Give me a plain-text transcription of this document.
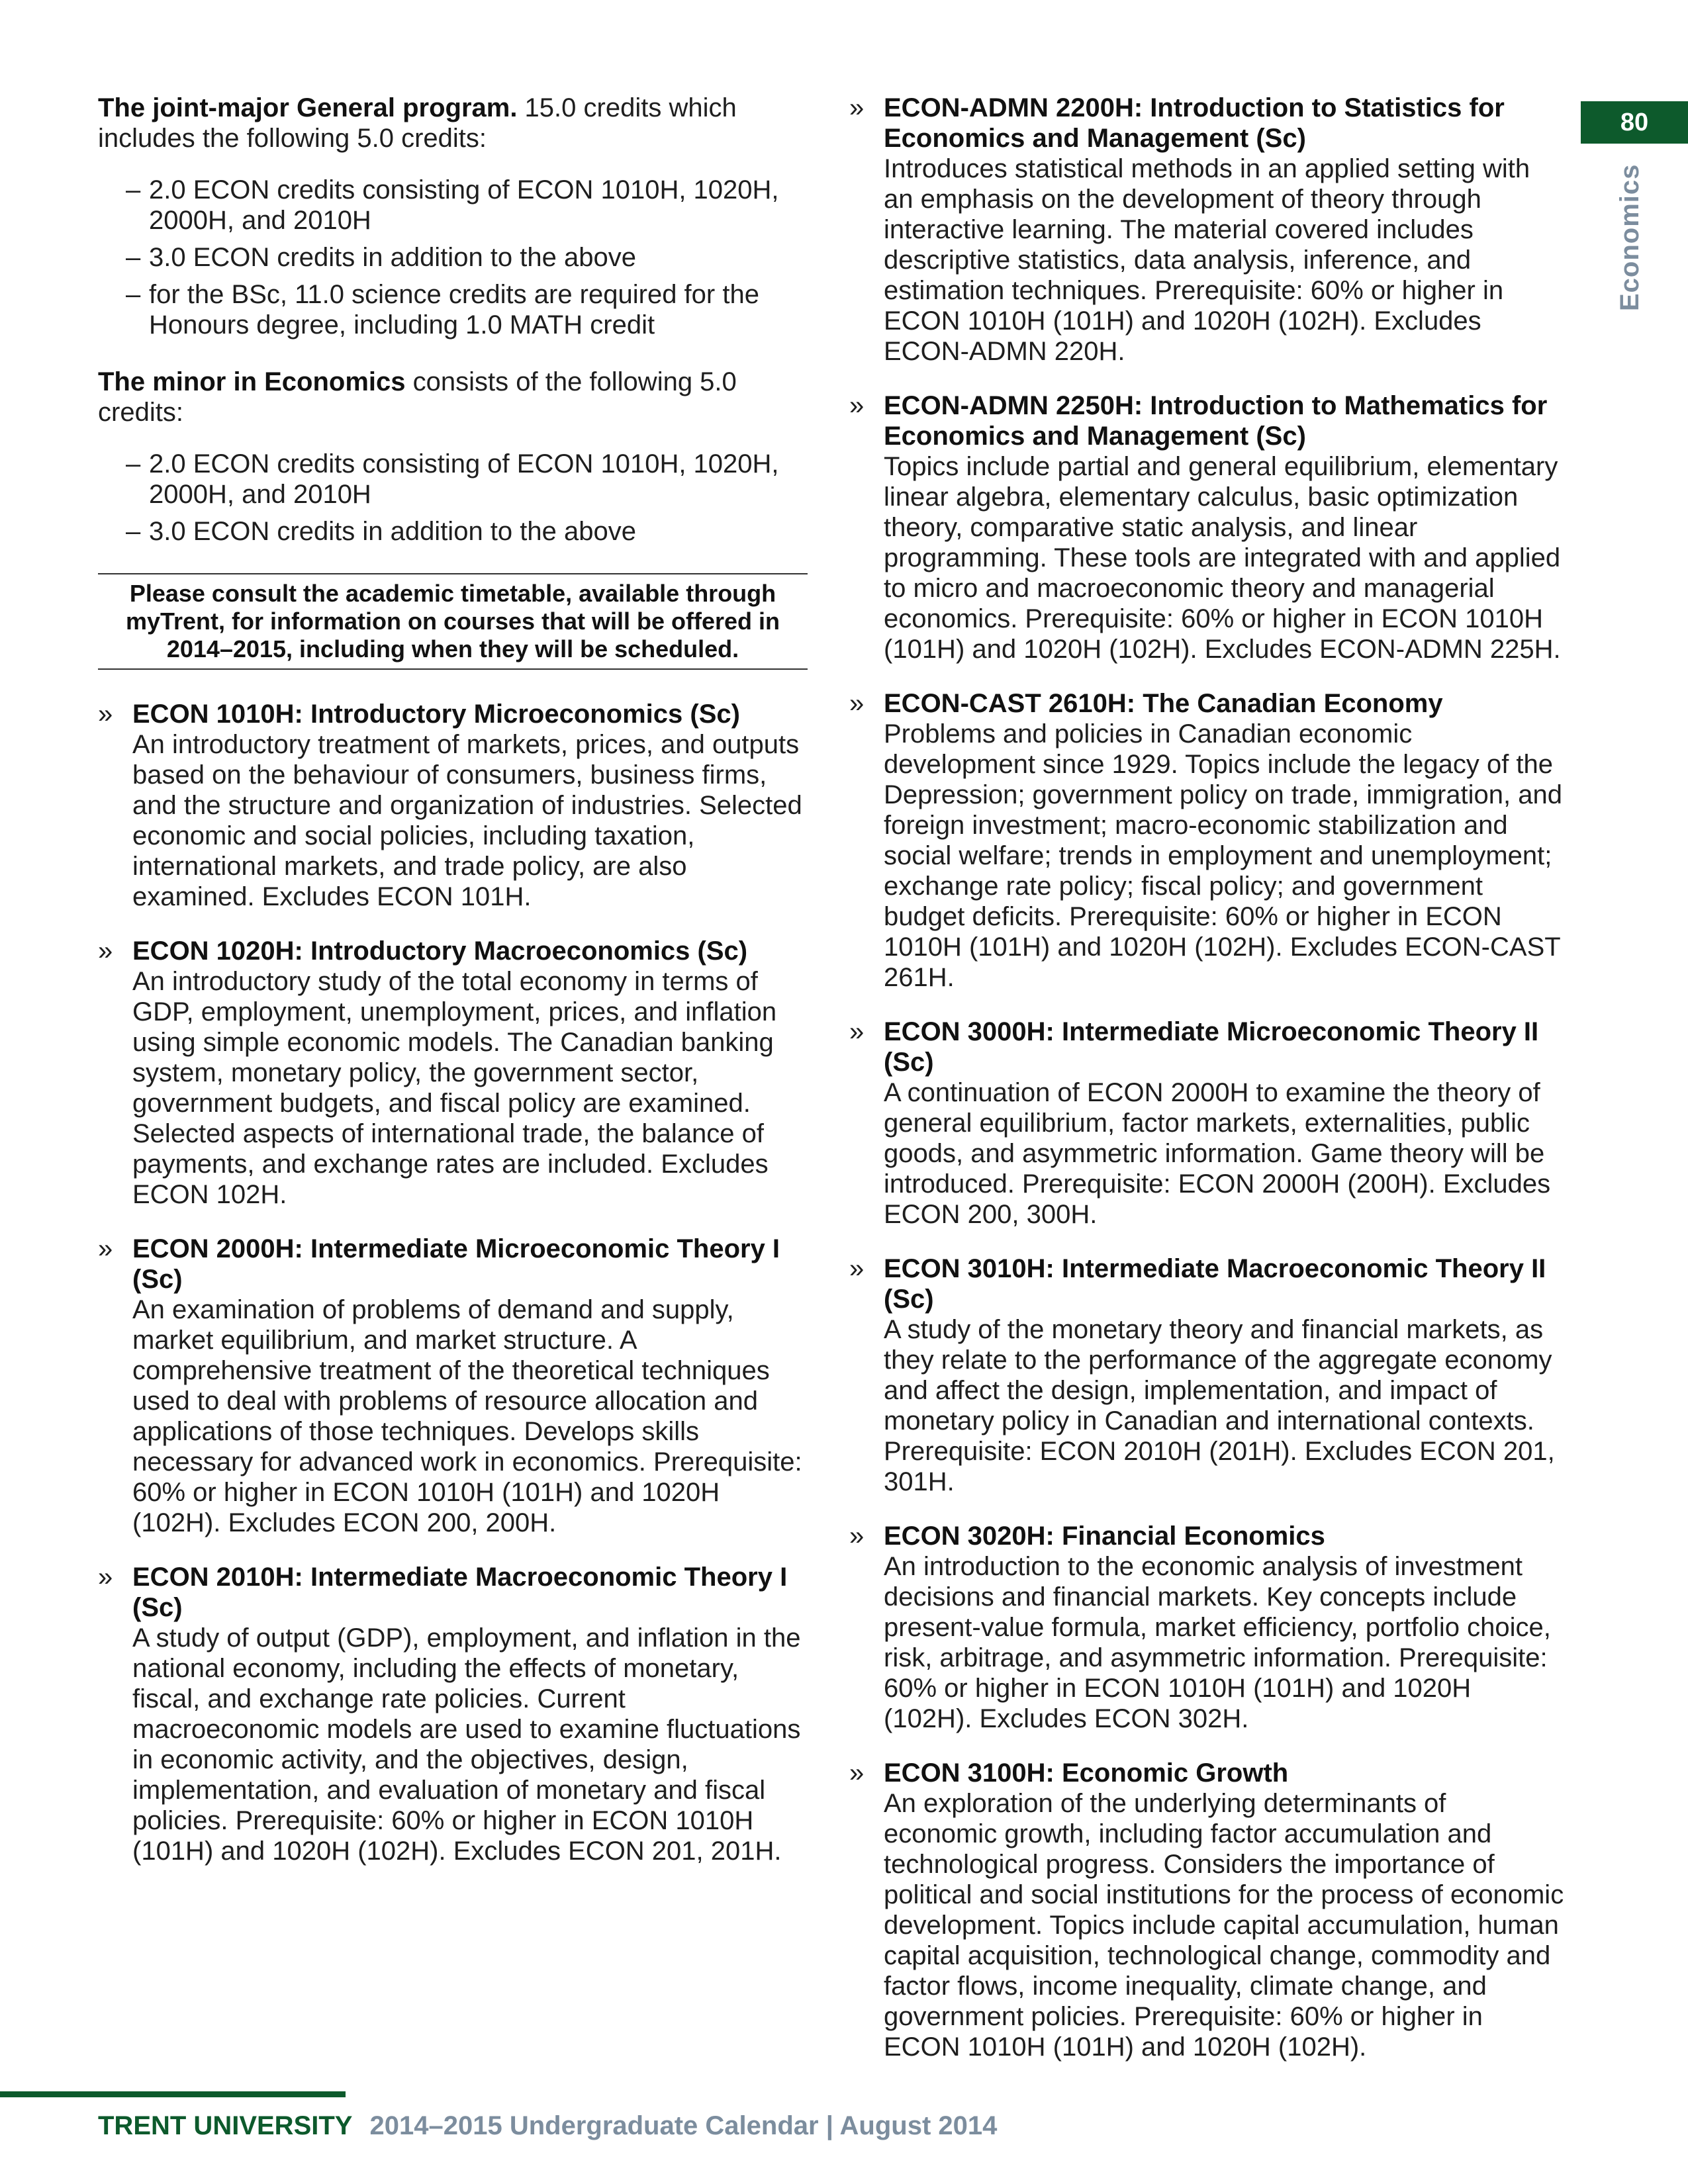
80
Economics

The joint-major General program. 15.0 credits which includes the following 5.0 credits:

– 2.0 ECON credits consisting of ECON 1010H, 1020H, 2000H, and 2010H
– 3.0 ECON credits in addition to the above
– for the BSc, 11.0 science credits are required for the Honours degree, including 1.0 MATH credit

The minor in Economics consists of the following 5.0 credits:

– 2.0 ECON credits consisting of ECON 1010H, 1020H, 2000H, and 2010H
– 3.0 ECON credits in addition to the above
Please consult the academic timetable, available through myTrent, for information on courses that will be offered in 2014–2015, including when they will be scheduled.
» ECON 1010H: Introductory Microeconomics (Sc)
An introductory treatment of markets, prices, and outputs based on the behaviour of consumers, business firms, and the structure and organization of industries. Selected economic and social policies, including taxation, international markets, and trade policy, are also examined. Excludes ECON 101H.
» ECON 1020H: Introductory Macroeconomics (Sc)
An introductory study of the total economy in terms of GDP, employment, unemployment, prices, and inflation using simple economic models. The Canadian banking system, monetary policy, the government sector, government budgets, and fiscal policy are examined. Selected aspects of international trade, the balance of payments, and exchange rates are included. Excludes ECON 102H.
» ECON 2000H: Intermediate Microeconomic Theory I (Sc)
An examination of problems of demand and supply, market equilibrium, and market structure. A comprehensive treatment of the theoretical techniques used to deal with problems of resource allocation and applications of those techniques. Develops skills necessary for advanced work in economics. Prerequisite: 60% or higher in ECON 1010H (101H) and 1020H (102H). Excludes ECON 200, 200H.
» ECON 2010H: Intermediate Macroeconomic Theory I (Sc)
A study of output (GDP), employment, and inflation in the national economy, including the effects of monetary, fiscal, and exchange rate policies. Current macroeconomic models are used to examine fluctuations in economic activity, and the objectives, design, implementation, and evaluation of monetary and fiscal policies. Prerequisite: 60% or higher in ECON 1010H (101H) and 1020H (102H). Excludes ECON 201, 201H.
» ECON-ADMN 2200H: Introduction to Statistics for Economics and Management (Sc)
Introduces statistical methods in an applied setting with an emphasis on the development of theory through interactive learning. The material covered includes descriptive statistics, data analysis, inference, and estimation techniques. Prerequisite: 60% or higher in ECON 1010H (101H) and 1020H (102H). Excludes ECON-ADMN 220H.
» ECON-ADMN 2250H: Introduction to Mathematics for Economics and Management (Sc)
Topics include partial and general equilibrium, elementary linear algebra, elementary calculus, basic optimization theory, comparative static analysis, and linear programming. These tools are integrated with and applied to micro and macroeconomic theory and managerial economics. Prerequisite: 60% or higher in ECON 1010H (101H) and 1020H (102H). Excludes ECON-ADMN 225H.
» ECON-CAST 2610H: The Canadian Economy
Problems and policies in Canadian economic development since 1929. Topics include the legacy of the Depression; government policy on trade, immigration, and foreign investment; macro-economic stabilization and social welfare; trends in employment and unemployment; exchange rate policy; fiscal policy; and government budget deficits. Prerequisite: 60% or higher in ECON 1010H (101H) and 1020H (102H). Excludes ECON-CAST 261H.
» ECON 3000H: Intermediate Microeconomic Theory II (Sc)
A continuation of ECON 2000H to examine the theory of general equilibrium, factor markets, externalities, public goods, and asymmetric information. Game theory will be introduced. Prerequisite: ECON 2000H (200H). Excludes ECON 200, 300H.
» ECON 3010H: Intermediate Macroeconomic Theory II (Sc)
A study of the monetary theory and financial markets, as they relate to the performance of the aggregate economy and affect the design, implementation, and impact of monetary policy in Canadian and international contexts. Prerequisite: ECON 2010H (201H). Excludes ECON 201, 301H.
» ECON 3020H: Financial Economics
An introduction to the economic analysis of investment decisions and financial markets. Key concepts include present-value formula, market efficiency, portfolio choice, risk, arbitrage, and asymmetric information. Prerequisite: 60% or higher in ECON 1010H (101H) and 1020H (102H). Excludes ECON 302H.
» ECON 3100H: Economic Growth
An exploration of the underlying determinants of economic growth, including factor accumulation and technological progress. Considers the importance of political and social institutions for the process of economic development. Topics include capital accumulation, human capital acquisition, technological change, commodity and factor flows, income inequality, climate change, and government policies. Prerequisite: 60% or higher in ECON 1010H (101H) and 1020H (102H).
TRENT UNIVERSITY 2014–2015 Undergraduate Calendar | August 2014
